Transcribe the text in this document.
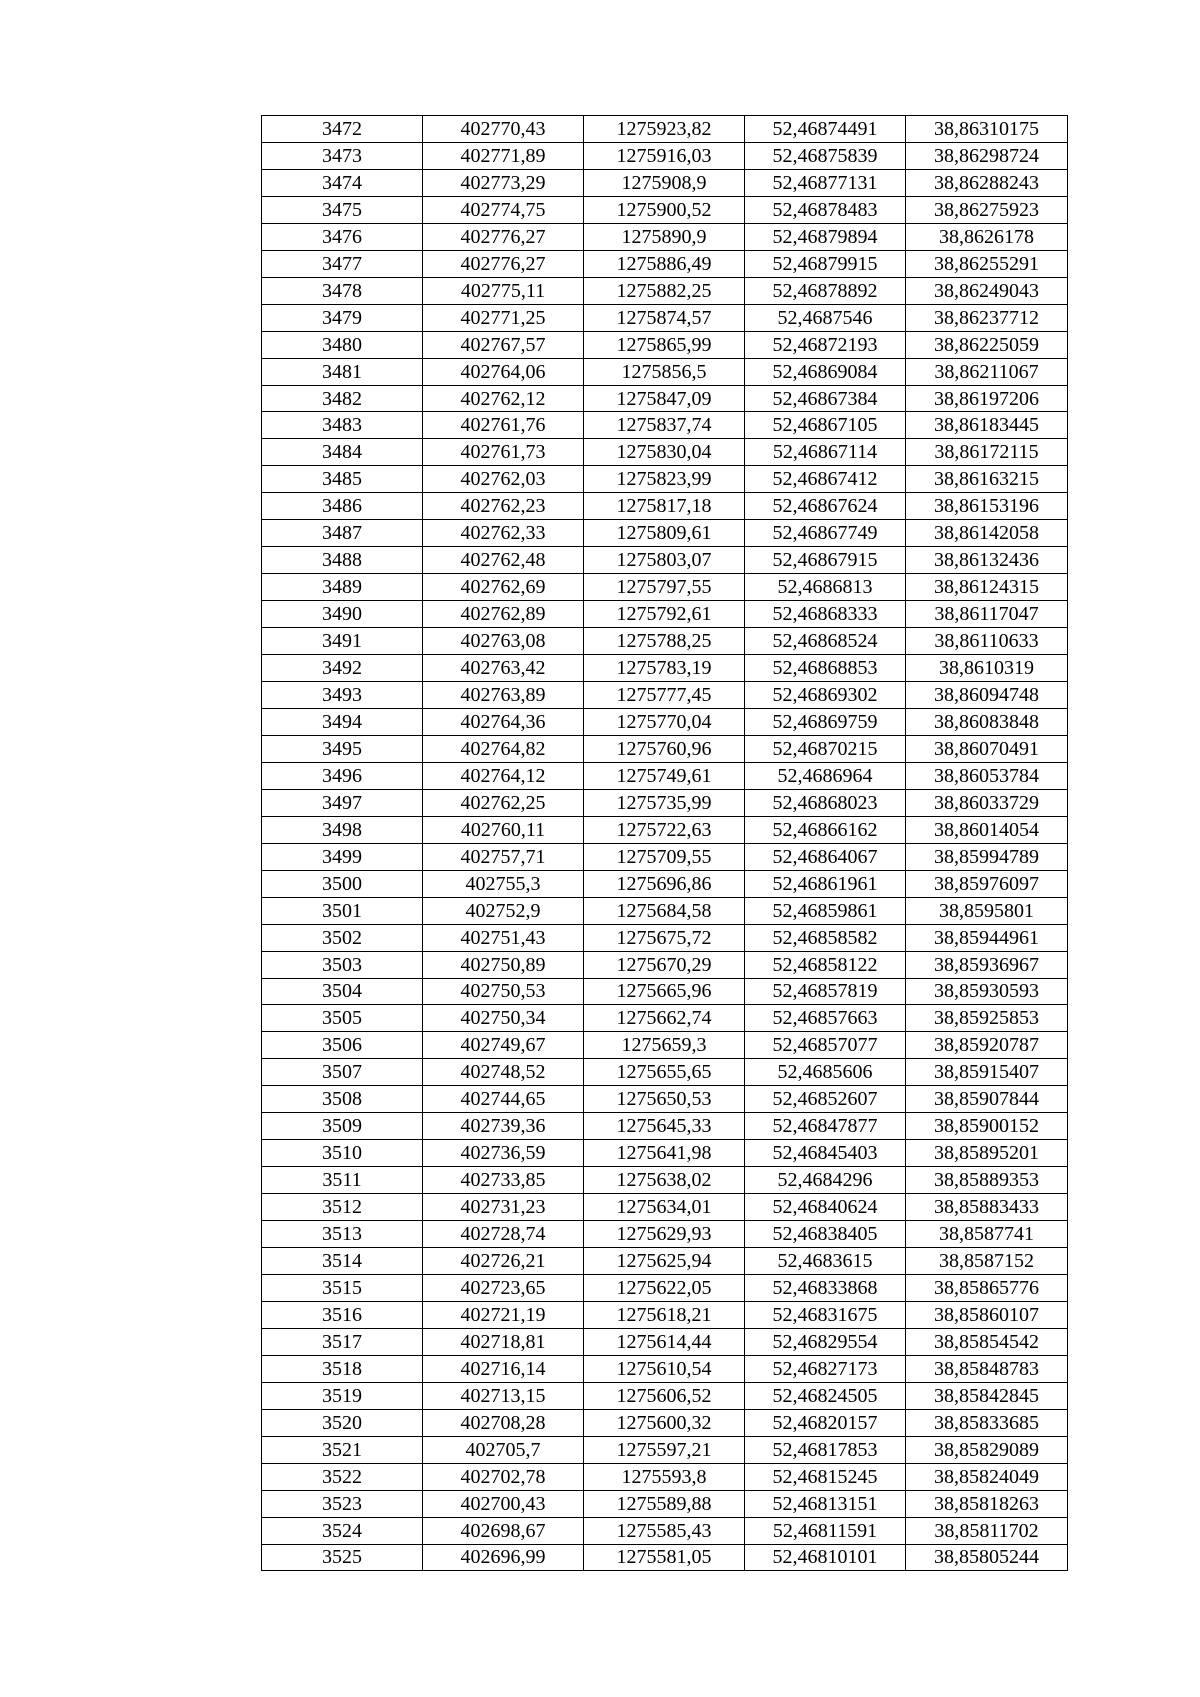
3472	402770,43	1275923,82	52,46874491	38,86310175
3473	402771,89	1275916,03	52,46875839	38,86298724
3474	402773,29	1275908,9	52,46877131	38,86288243
3475	402774,75	1275900,52	52,46878483	38,86275923
3476	402776,27	1275890,9	52,46879894	38,8626178
3477	402776,27	1275886,49	52,46879915	38,86255291
3478	402775,11	1275882,25	52,46878892	38,86249043
3479	402771,25	1275874,57	52,4687546	38,86237712
3480	402767,57	1275865,99	52,46872193	38,86225059
3481	402764,06	1275856,5	52,46869084	38,86211067
3482	402762,12	1275847,09	52,46867384	38,86197206
3483	402761,76	1275837,74	52,46867105	38,86183445
3484	402761,73	1275830,04	52,46867114	38,86172115
3485	402762,03	1275823,99	52,46867412	38,86163215
3486	402762,23	1275817,18	52,46867624	38,86153196
3487	402762,33	1275809,61	52,46867749	38,86142058
3488	402762,48	1275803,07	52,46867915	38,86132436
3489	402762,69	1275797,55	52,4686813	38,86124315
3490	402762,89	1275792,61	52,46868333	38,86117047
3491	402763,08	1275788,25	52,46868524	38,86110633
3492	402763,42	1275783,19	52,46868853	38,8610319
3493	402763,89	1275777,45	52,46869302	38,86094748
3494	402764,36	1275770,04	52,46869759	38,86083848
3495	402764,82	1275760,96	52,46870215	38,86070491
3496	402764,12	1275749,61	52,4686964	38,86053784
3497	402762,25	1275735,99	52,46868023	38,86033729
3498	402760,11	1275722,63	52,46866162	38,86014054
3499	402757,71	1275709,55	52,46864067	38,85994789
3500	402755,3	1275696,86	52,46861961	38,85976097
3501	402752,9	1275684,58	52,46859861	38,8595801
3502	402751,43	1275675,72	52,46858582	38,85944961
3503	402750,89	1275670,29	52,46858122	38,85936967
3504	402750,53	1275665,96	52,46857819	38,85930593
3505	402750,34	1275662,74	52,46857663	38,85925853
3506	402749,67	1275659,3	52,46857077	38,85920787
3507	402748,52	1275655,65	52,4685606	38,85915407
3508	402744,65	1275650,53	52,46852607	38,85907844
3509	402739,36	1275645,33	52,46847877	38,85900152
3510	402736,59	1275641,98	52,46845403	38,85895201
3511	402733,85	1275638,02	52,4684296	38,85889353
3512	402731,23	1275634,01	52,46840624	38,85883433
3513	402728,74	1275629,93	52,46838405	38,8587741
3514	402726,21	1275625,94	52,4683615	38,8587152
3515	402723,65	1275622,05	52,46833868	38,85865776
3516	402721,19	1275618,21	52,46831675	38,85860107
3517	402718,81	1275614,44	52,46829554	38,85854542
3518	402716,14	1275610,54	52,46827173	38,85848783
3519	402713,15	1275606,52	52,46824505	38,85842845
3520	402708,28	1275600,32	52,46820157	38,85833685
3521	402705,7	1275597,21	52,46817853	38,85829089
3522	402702,78	1275593,8	52,46815245	38,85824049
3523	402700,43	1275589,88	52,46813151	38,85818263
3524	402698,67	1275585,43	52,46811591	38,85811702
3525	402696,99	1275581,05	52,46810101	38,85805244
